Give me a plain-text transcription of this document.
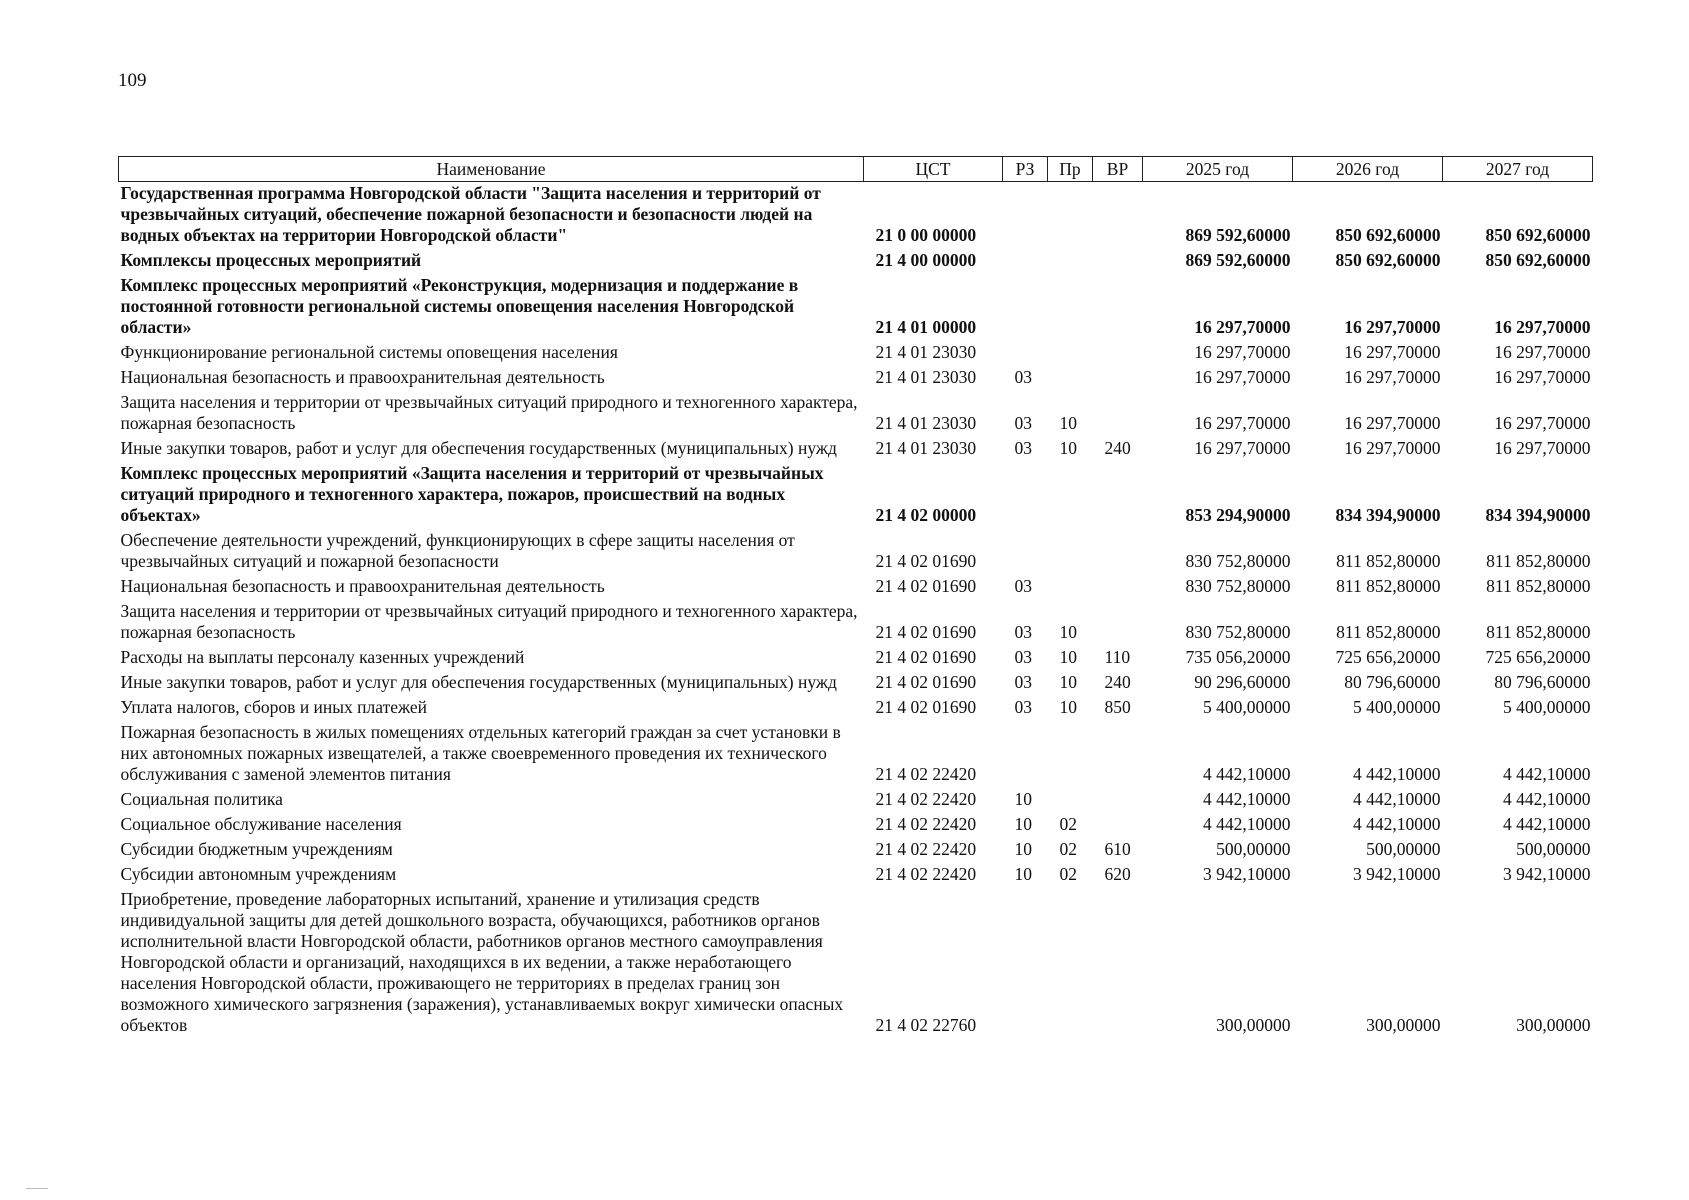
109
Наименование	ЦСТ	РЗ	Пр	ВР	2025 год	2026 год	2027 год
Государственная программа Новгородской области "Защита населения и территорий от чрезвычайных ситуаций, обеспечение пожарной безопасности и безопасности людей на водных объектах на территории Новгородской области"	21 0 00 00000				869 592,60000	850 692,60000	850 692,60000
Комплексы процессных мероприятий	21 4 00 00000				869 592,60000	850 692,60000	850 692,60000
Комплекс процессных мероприятий «Реконструкция, модернизация и поддержание в постоянной готовности региональной системы оповещения населения Новгородской области»	21 4 01 00000				16 297,70000	16 297,70000	16 297,70000
Функционирование региональной системы оповещения населения	21 4 01 23030				16 297,70000	16 297,70000	16 297,70000
Национальная безопасность и правоохранительная деятельность	21 4 01 23030	03			16 297,70000	16 297,70000	16 297,70000
Защита населения и территории от чрезвычайных ситуаций природного и техногенного характера, пожарная безопасность	21 4 01 23030	03	10		16 297,70000	16 297,70000	16 297,70000
Иные закупки товаров, работ и услуг для обеспечения государственных (муниципальных) нужд	21 4 01 23030	03	10	240	16 297,70000	16 297,70000	16 297,70000
Комплекс процессных мероприятий «Защита населения и территорий от чрезвычайных ситуаций природного и техногенного характера, пожаров, происшествий на водных объектах»	21 4 02 00000				853 294,90000	834 394,90000	834 394,90000
Обеспечение деятельности учреждений, функционирующих в сфере защиты населения от чрезвычайных ситуаций и пожарной безопасности	21 4 02 01690				830 752,80000	811 852,80000	811 852,80000
Национальная безопасность и правоохранительная деятельность	21 4 02 01690	03			830 752,80000	811 852,80000	811 852,80000
Защита населения и территории от чрезвычайных ситуаций природного и техногенного характера, пожарная безопасность	21 4 02 01690	03	10		830 752,80000	811 852,80000	811 852,80000
Расходы на выплаты персоналу казенных учреждений	21 4 02 01690	03	10	110	735 056,20000	725 656,20000	725 656,20000
Иные закупки товаров, работ и услуг для обеспечения государственных (муниципальных) нужд	21 4 02 01690	03	10	240	90 296,60000	80 796,60000	80 796,60000
Уплата налогов, сборов и иных платежей	21 4 02 01690	03	10	850	5 400,00000	5 400,00000	5 400,00000
Пожарная безопасность в жилых помещениях отдельных категорий граждан за счет установки в них автономных пожарных извещателей, а также своевременного проведения их технического обслуживания с заменой элементов питания	21 4 02 22420				4 442,10000	4 442,10000	4 442,10000
Социальная политика	21 4 02 22420	10			4 442,10000	4 442,10000	4 442,10000
Социальное обслуживание населения	21 4 02 22420	10	02		4 442,10000	4 442,10000	4 442,10000
Субсидии бюджетным учреждениям	21 4 02 22420	10	02	610	500,00000	500,00000	500,00000
Субсидии автономным учреждениям	21 4 02 22420	10	02	620	3 942,10000	3 942,10000	3 942,10000
Приобретение, проведение лабораторных испытаний, хранение и утилизация средств индивидуальной защиты для детей дошкольного возраста, обучающихся, работников органов исполнительной власти Новгородской области, работников органов местного самоуправления Новгородской области и организаций, находящихся в их ведении, а также неработающего населения Новгородской области, проживающего не территориях в пределах границ зон возможного химического загрязнения (заражения), устанавливаемых вокруг химически опасных объектов	21 4 02 22760				300,00000	300,00000	300,00000
